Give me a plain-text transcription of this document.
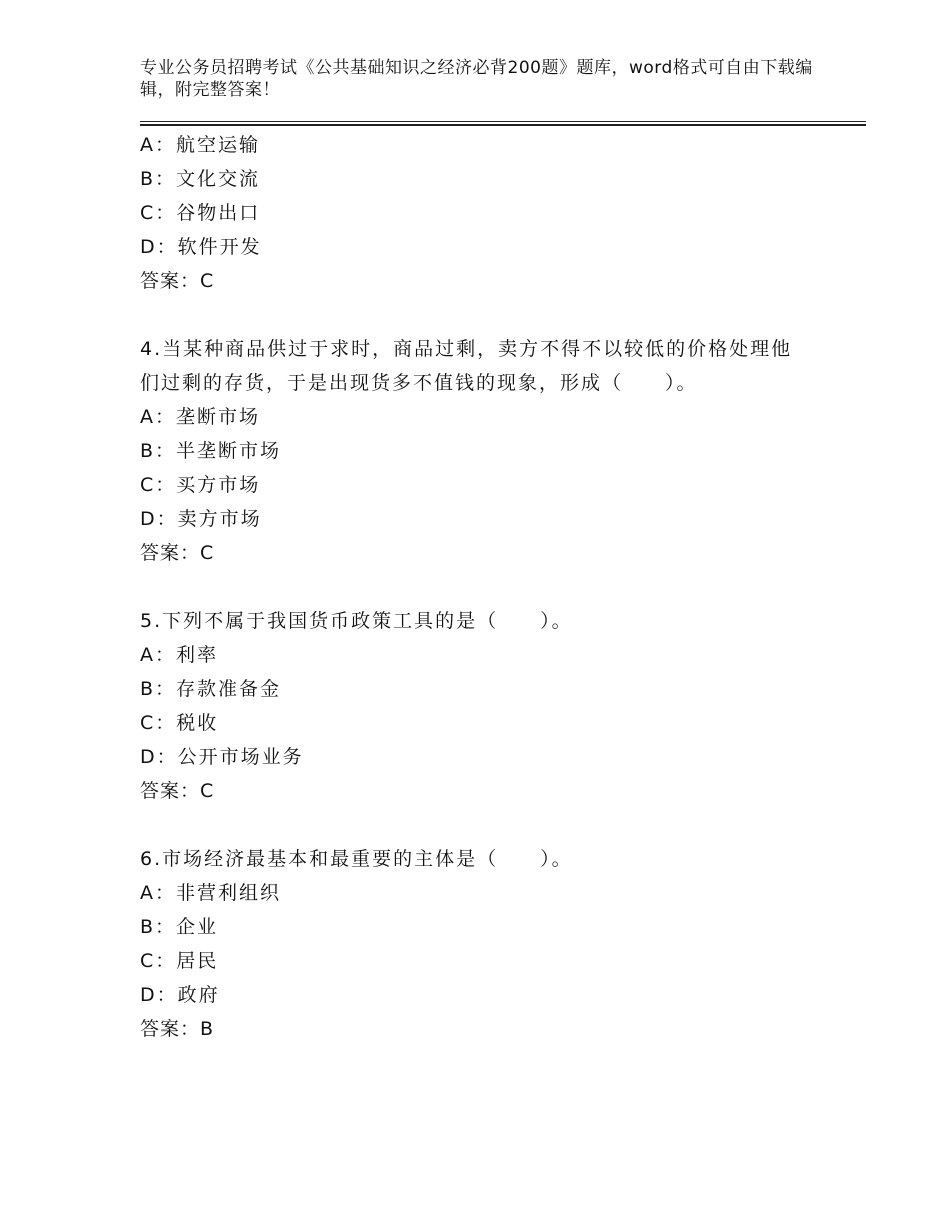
专业公务员招聘考试《公共基础知识之经济必背200题》题库，word格式可自由下载编辑，附完整答案！
A：航空运输
B：文化交流
C：谷物出口
D：软件开发
答案：C
4.当某种商品供过于求时，商品过剩，卖方不得不以较低的价格处理他们过剩的存货，于是出现货多不值钱的现象，形成（　　）。
A：垄断市场
B：半垄断市场
C：买方市场
D：卖方市场
答案：C
5.下列不属于我国货币政策工具的是（　　）。
A：利率
B：存款准备金
C：税收
D：公开市场业务
答案：C
6.市场经济最基本和最重要的主体是（　　）。
A：非营利组织
B：企业
C：居民
D：政府
答案：B
